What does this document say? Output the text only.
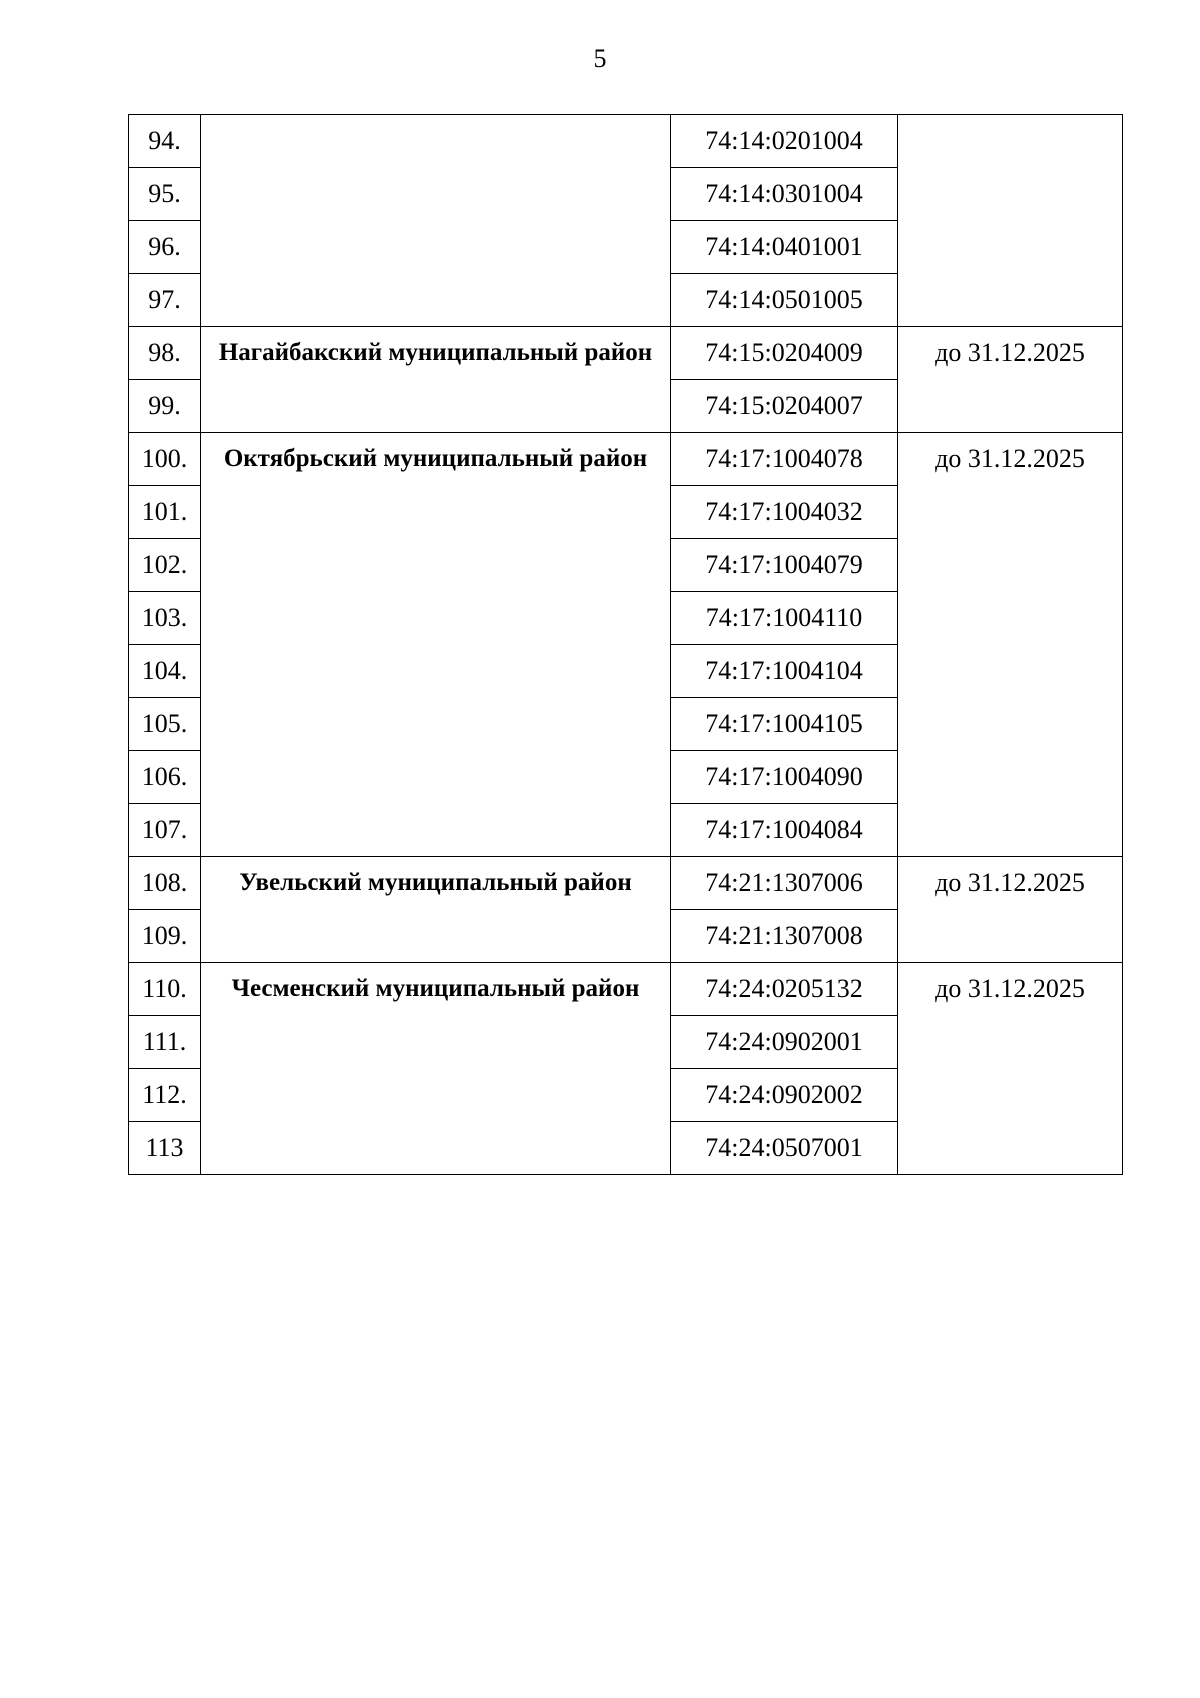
5
94.		74:14:0201004	
95.		74:14:0301004	
96.		74:14:0401001	
97.		74:14:0501005	
98.	Нагайбакский муниципальный район	74:15:0204009	до 31.12.2025
99.		74:15:0204007	
100.	Октябрьский муниципальный район	74:17:1004078	до 31.12.2025
101.		74:17:1004032	
102.		74:17:1004079	
103.		74:17:1004110	
104.		74:17:1004104	
105.		74:17:1004105	
106.		74:17:1004090	
107.		74:17:1004084	
108.	Увельский муниципальный район	74:21:1307006	до 31.12.2025
109.		74:21:1307008	
110.	Чесменский муниципальный район	74:24:0205132	до 31.12.2025
111.		74:24:0902001	
112.		74:24:0902002	
113		74:24:0507001	
